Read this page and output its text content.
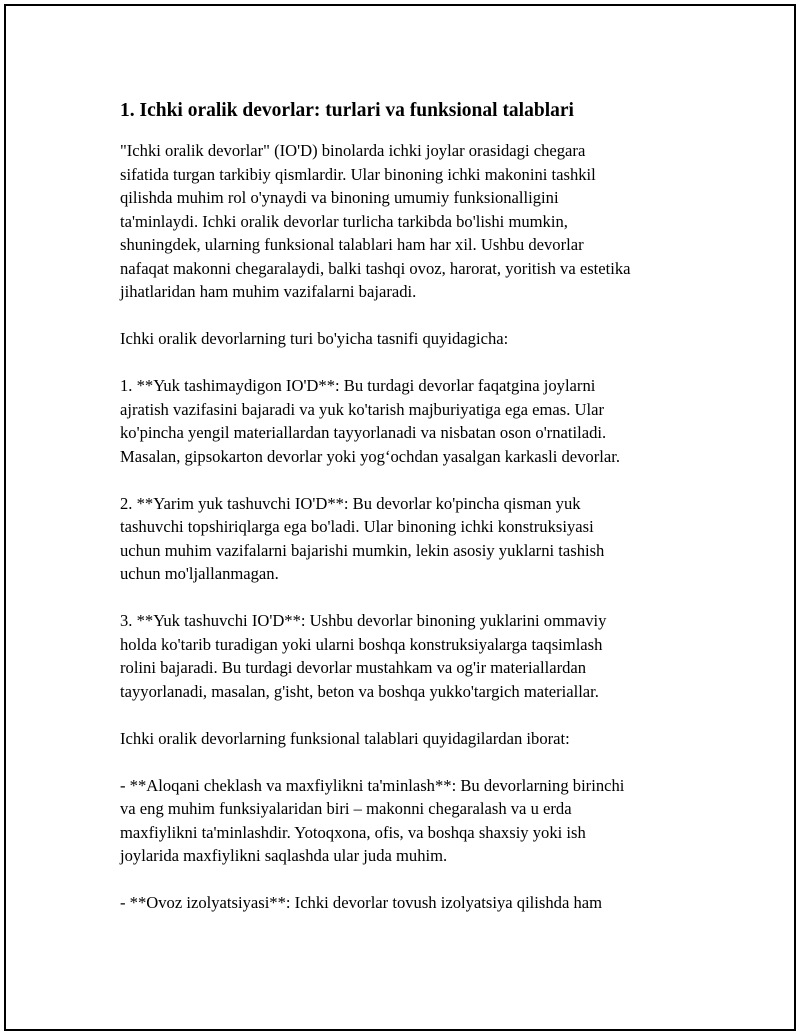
1. Ichki oralik devorlar: turlari va funksional talablari
"Ichki oralik devorlar" (IO'D) binolarda ichki joylar orasidagi chegara
sifatida turgan tarkibiy qismlardir. Ular binoning ichki makonini tashkil
qilishda muhim rol o'ynaydi va binoning umumiy funksionalligini
ta'minlaydi. Ichki oralik devorlar turlicha tarkibda bo'lishi mumkin,
shuningdek, ularning funksional talablari ham har xil. Ushbu devorlar
nafaqat makonni chegaralaydi, balki tashqi ovoz, harorat, yoritish va estetika
jihatlaridan ham muhim vazifalarni bajaradi.
Ichki oralik devorlarning turi bo'yicha tasnifi quyidagicha:
1. **Yuk tashimaydigon IO'D**: Bu turdagi devorlar faqatgina joylarni
ajratish vazifasini bajaradi va yuk ko'tarish majburiyatiga ega emas. Ular
ko'pincha yengil materiallardan tayyorlanadi va nisbatan oson o'rnatiladi.
Masalan, gipsokarton devorlar yoki yog‘ochdan yasalgan karkasli devorlar.
2. **Yarim yuk tashuvchi IO'D**: Bu devorlar ko'pincha qisman yuk
tashuvchi topshiriqlarga ega bo'ladi. Ular binoning ichki konstruksiyasi
uchun muhim vazifalarni bajarishi mumkin, lekin asosiy yuklarni tashish
uchun mo'ljallanmagan.
3. **Yuk tashuvchi IO'D**: Ushbu devorlar binoning yuklarini ommaviy
holda ko'tarib turadigan yoki ularni boshqa konstruksiyalarga taqsimlash
rolini bajaradi. Bu turdagi devorlar mustahkam va og'ir materiallardan
tayyorlanadi, masalan, g'isht, beton va boshqa yukko'targich materiallar.
Ichki oralik devorlarning funksional talablari quyidagilardan iborat:
- **Aloqani cheklash va maxfiylikni ta'minlash**: Bu devorlarning birinchi
va eng muhim funksiyalaridan biri – makonni chegaralash va u erda
maxfiylikni ta'minlashdir. Yotoqxona, ofis, va boshqa shaxsiy yoki ish
joylarida maxfiylikni saqlashda ular juda muhim.
- **Ovoz izolyatsiyasi**: Ichki devorlar tovush izolyatsiya qilishda ham
